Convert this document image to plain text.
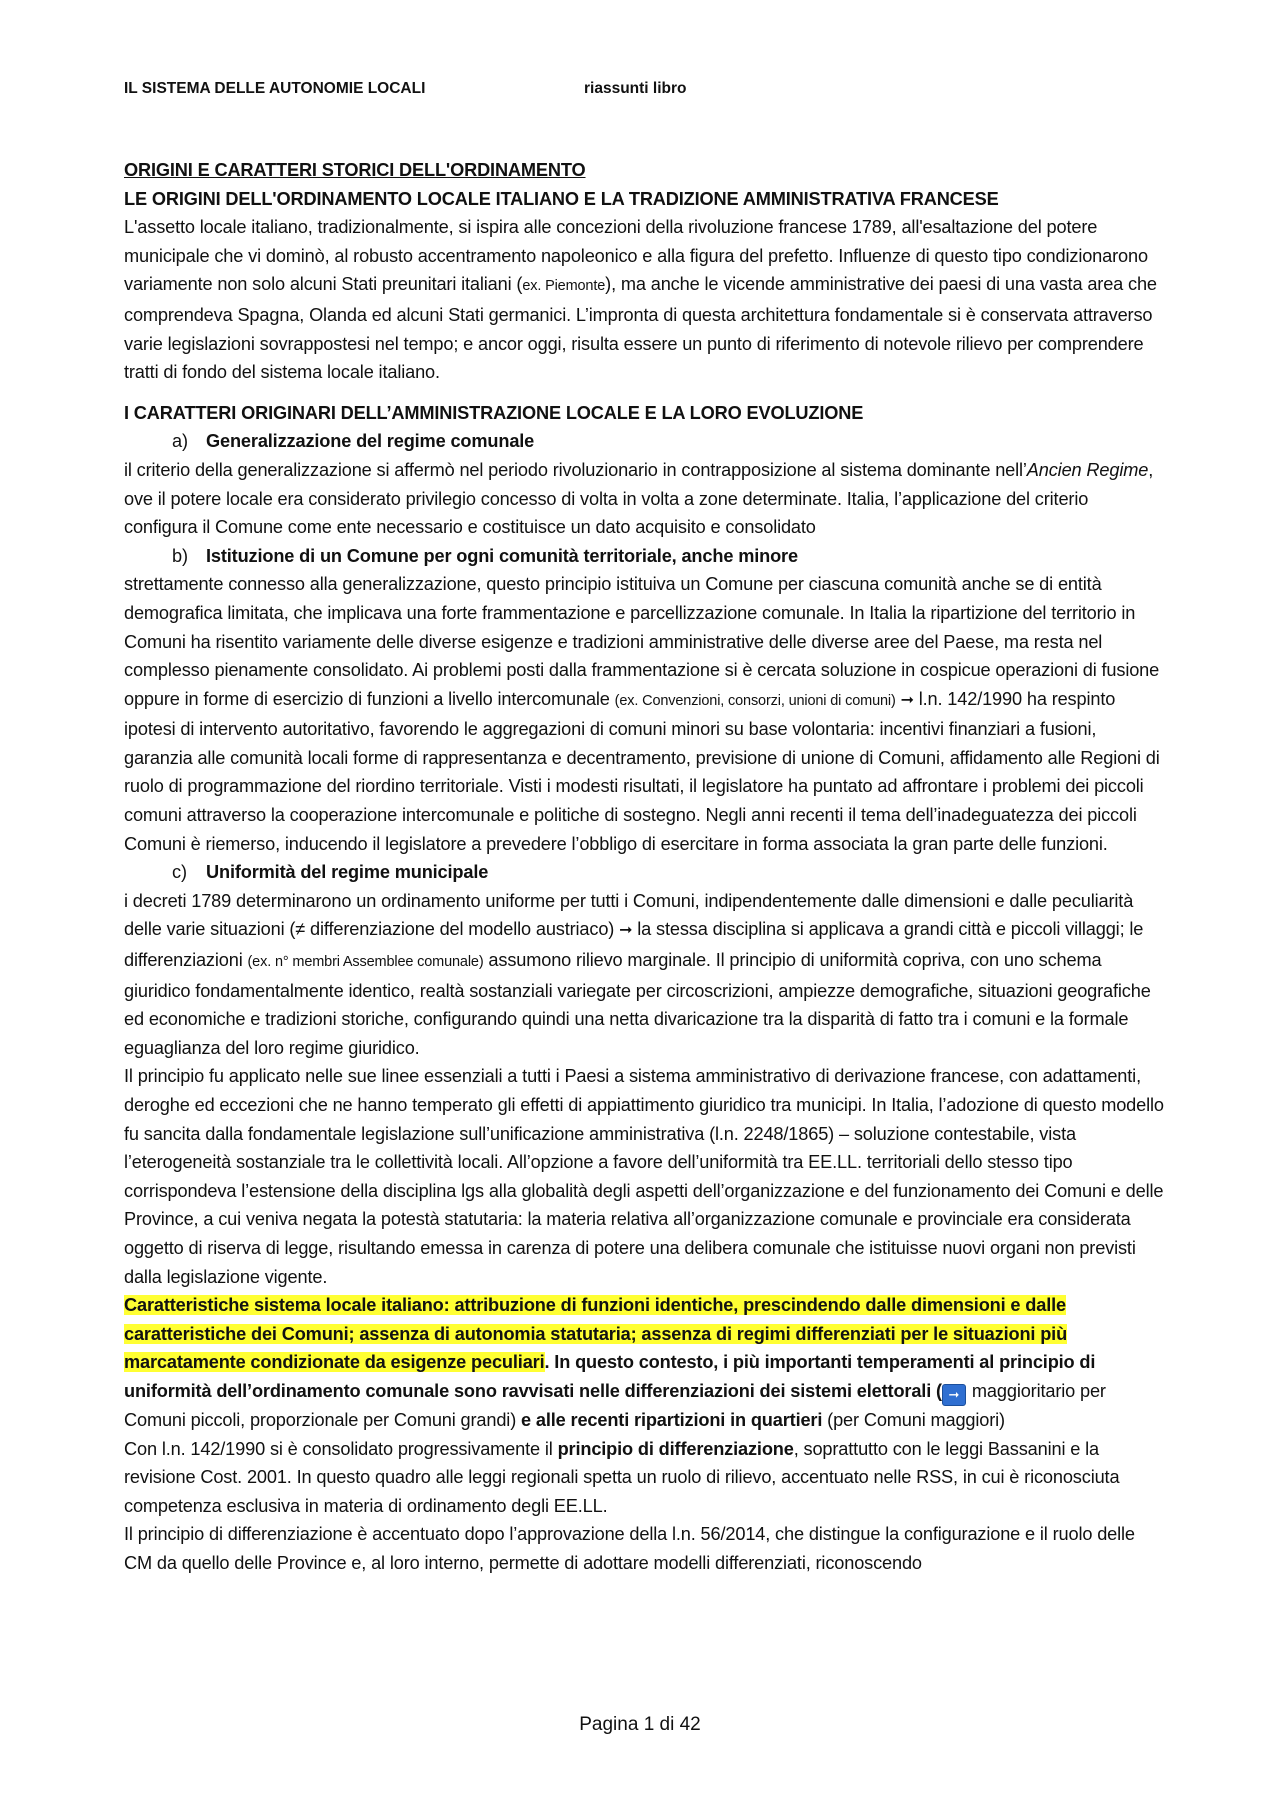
IL SISTEMA DELLE AUTONOMIE LOCALI	riassunti libro

ORIGINI E CARATTERI STORICI DELL'ORDINAMENTO

LE ORIGINI DELL'ORDINAMENTO LOCALE ITALIANO E LA TRADIZIONE AMMINISTRATIVA FRANCESE

L'assetto locale italiano, tradizionalmente, si ispira alle concezioni della rivoluzione francese 1789, all'esaltazione del potere municipale che vi dominò, al robusto accentramento napoleonico e alla figura del prefetto. Influenze di questo tipo condizionarono variamente non solo alcuni Stati preunitari italiani (ex. Piemonte), ma anche le vicende amministrative dei paesi di una vasta area che comprendeva Spagna, Olanda ed alcuni Stati germanici. L’impronta di questa architettura fondamentale si è conservata attraverso varie legislazioni sovrappostesi nel tempo; e ancor oggi, risulta essere un punto di riferimento di notevole rilievo per comprendere tratti di fondo del sistema locale italiano.

I CARATTERI ORIGINARI DELL’AMMINISTRAZIONE LOCALE E LA LORO EVOLUZIONE

a) Generalizzazione del regime comunale

il criterio della generalizzazione si affermò nel periodo rivoluzionario in contrapposizione al sistema dominante nell’Ancien Regime, ove il potere locale era considerato privilegio concesso di volta in volta a zone determinate. Italia, l’applicazione del criterio configura il Comune come ente necessario e costituisce un dato acquisito e consolidato

b) Istituzione di un Comune per ogni comunità territoriale, anche minore

strettamente connesso alla generalizzazione, questo principio istituiva un Comune per ciascuna comunità anche se di entità demografica limitata, che implicava una forte frammentazione e parcellizzazione comunale. In Italia la ripartizione del territorio in Comuni ha risentito variamente delle diverse esigenze e tradizioni amministrative delle diverse aree del Paese, ma resta nel complesso pienamente consolidato. Ai problemi posti dalla frammentazione si è cercata soluzione in cospicue operazioni di fusione oppure in forme di esercizio di funzioni a livello intercomunale (ex. Convenzioni, consorzi, unioni di comuni) ➞ l.n. 142/1990 ha respinto ipotesi di intervento autoritativo, favorendo le aggregazioni di comuni minori su base volontaria: incentivi finanziari a fusioni, garanzia alle comunità locali forme di rappresentanza e decentramento, previsione di unione di Comuni, affidamento alle Regioni di ruolo di programmazione del riordino territoriale. Visti i modesti risultati, il legislatore ha puntato ad affrontare i problemi dei piccoli comuni attraverso la cooperazione intercomunale e politiche di sostegno. Negli anni recenti il tema dell’inadeguatezza dei piccoli Comuni è riemerso, inducendo il legislatore a prevedere l’obbligo di esercitare in forma associata la gran parte delle funzioni.

c) Uniformità del regime municipale

i decreti 1789 determinarono un ordinamento uniforme per tutti i Comuni, indipendentemente dalle dimensioni e dalle peculiarità delle varie situazioni (≠ differenziazione del modello austriaco) ➞ la stessa disciplina si applicava a grandi città e piccoli villaggi; le differenziazioni (ex. n° membri Assemblee comunale) assumono rilievo marginale. Il principio di uniformità copriva, con uno schema giuridico fondamentalmente identico, realtà sostanziali variegate per circoscrizioni, ampiezze demografiche, situazioni geografiche ed economiche e tradizioni storiche, configurando quindi una netta divaricazione tra la disparità di fatto tra i comuni e la formale eguaglianza del loro regime giuridico.

Il principio fu applicato nelle sue linee essenziali a tutti i Paesi a sistema amministrativo di derivazione francese, con adattamenti, deroghe ed eccezioni che ne hanno temperato gli effetti di appiattimento giuridico tra municipi. In Italia, l’adozione di questo modello fu sancita dalla fondamentale legislazione sull’unificazione amministrativa (l.n. 2248/1865) – soluzione contestabile, vista l’eterogeneità sostanziale tra le collettività locali. All’opzione a favore dell’uniformità tra EE.LL. territoriali dello stesso tipo corrispondeva l’estensione della disciplina lgs alla globalità degli aspetti dell’organizzazione e del funzionamento dei Comuni e delle Province, a cui veniva negata la potestà statutaria: la materia relativa all’organizzazione comunale e provinciale era considerata oggetto di riserva di legge, risultando emessa in carenza di potere una delibera comunale che istituisse nuovi organi non previsti dalla legislazione vigente.

Caratteristiche sistema locale italiano: attribuzione di funzioni identiche, prescindendo dalle dimensioni e dalle caratteristiche dei Comuni; assenza di autonomia statutaria; assenza di regimi differenziati per le situazioni più marcatamente condizionate da esigenze peculiari. In questo contesto, i più importanti temperamenti al principio di uniformità dell’ordinamento comunale sono ravvisati nelle differenziazioni dei sistemi elettorali ( ➞ maggioritario per Comuni piccoli, proporzionale per Comuni grandi) e alle recenti ripartizioni in quartieri (per Comuni maggiori)

Con l.n. 142/1990 si è consolidato progressivamente il principio di differenziazione, soprattutto con le leggi Bassanini e la revisione Cost. 2001. In questo quadro alle leggi regionali spetta un ruolo di rilievo, accentuato nelle RSS, in cui è riconosciuta competenza esclusiva in materia di ordinamento degli EE.LL.

Il principio di differenziazione è accentuato dopo l’approvazione della l.n. 56/2014, che distingue la configurazione e il ruolo delle CM da quello delle Province e, al loro interno, permette di adottare modelli differenziati, riconoscendo

Pagina 1 di 42
